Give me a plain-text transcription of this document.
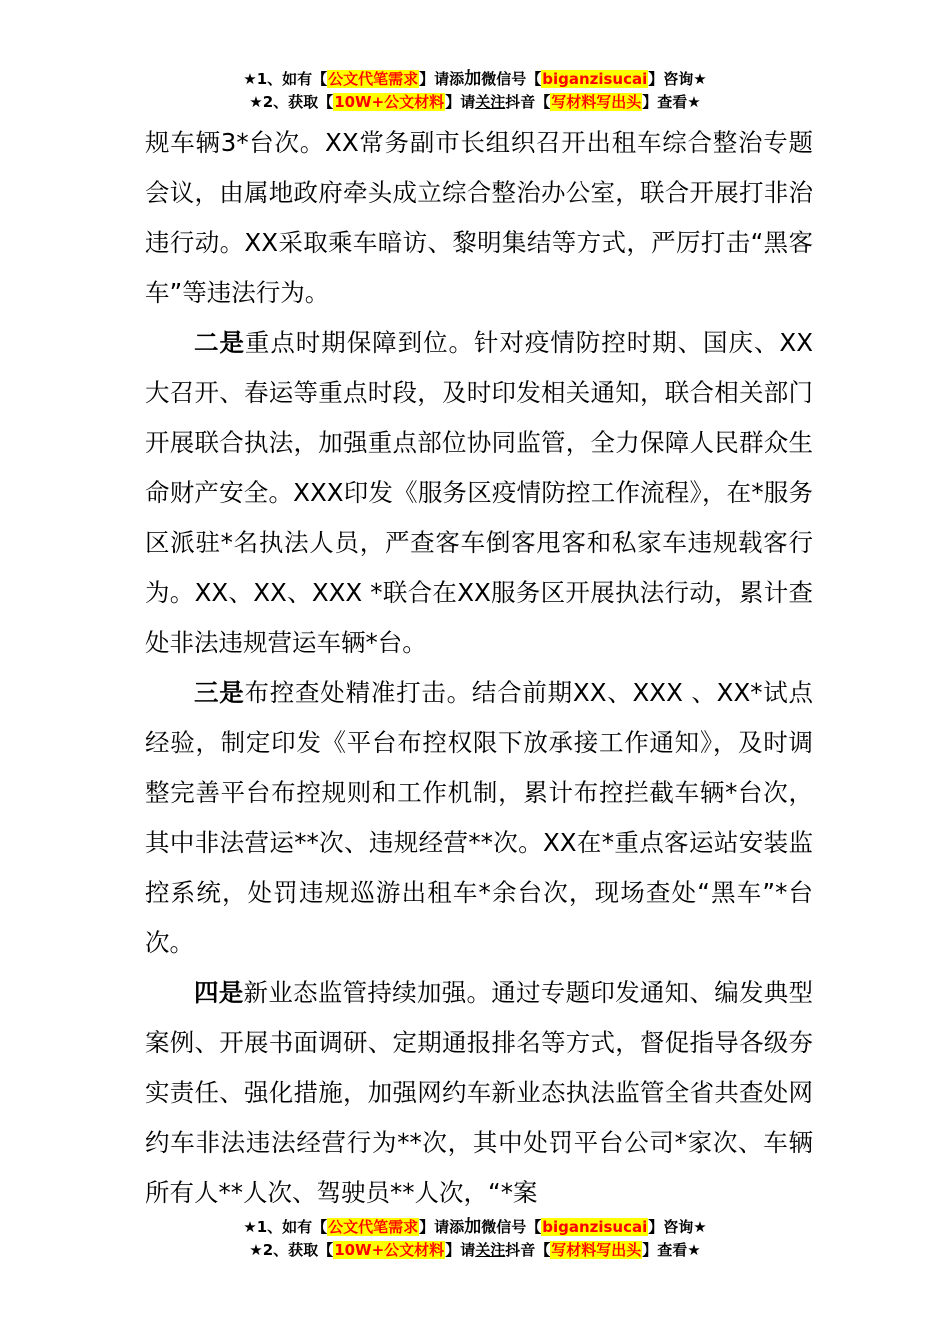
★1、如有【公文代笔需求】请添加微信号【biganzisucai】咨询★
★2、获取【10W+公文材料】请关注抖音【写材料写出头】查看★

规车辆3*台次。XX常务副市长组织召开出租车综合整治专题会议，由属地政府牵头成立综合整治办公室，联合开展打非治违行动。XX采取乘车暗访、黎明集结等方式，严厉打击“黑客车”等违法行为。

二是重点时期保障到位。针对疫情防控时期、国庆、XX大召开、春运等重点时段，及时印发相关通知，联合相关部门开展联合执法，加强重点部位协同监管，全力保障人民群众生命财产安全。XXX印发《服务区疫情防控工作流程》，在*服务区派驻*名执法人员，严查客车倒客甩客和私家车违规载客行为。XX、XX、XXX *联合在XX服务区开展执法行动，累计查处非法违规营运车辆*台。

三是布控查处精准打击。结合前期XX、XXX 、XX*试点经验，制定印发《平台布控权限下放承接工作通知》，及时调整完善平台布控规则和工作机制，累计布控拦截车辆*台次，其中非法营运**次、违规经营**次。XX在*重点客运站安装监控系统，处罚违规巡游出租车*余台次，现场查处“黑车”*台次。

四是新业态监管持续加强。通过专题印发通知、编发典型案例、开展书面调研、定期通报排名等方式，督促指导各级夯实责任、强化措施，加强网约车新业态执法监管全省共查处网约车非法违法经营行为**次，其中处罚平台公司*家次、车辆所有人**人次、驾驶员**人次，“*案

★1、如有【公文代笔需求】请添加微信号【biganzisucai】咨询★
★2、获取【10W+公文材料】请关注抖音【写材料写出头】查看★
